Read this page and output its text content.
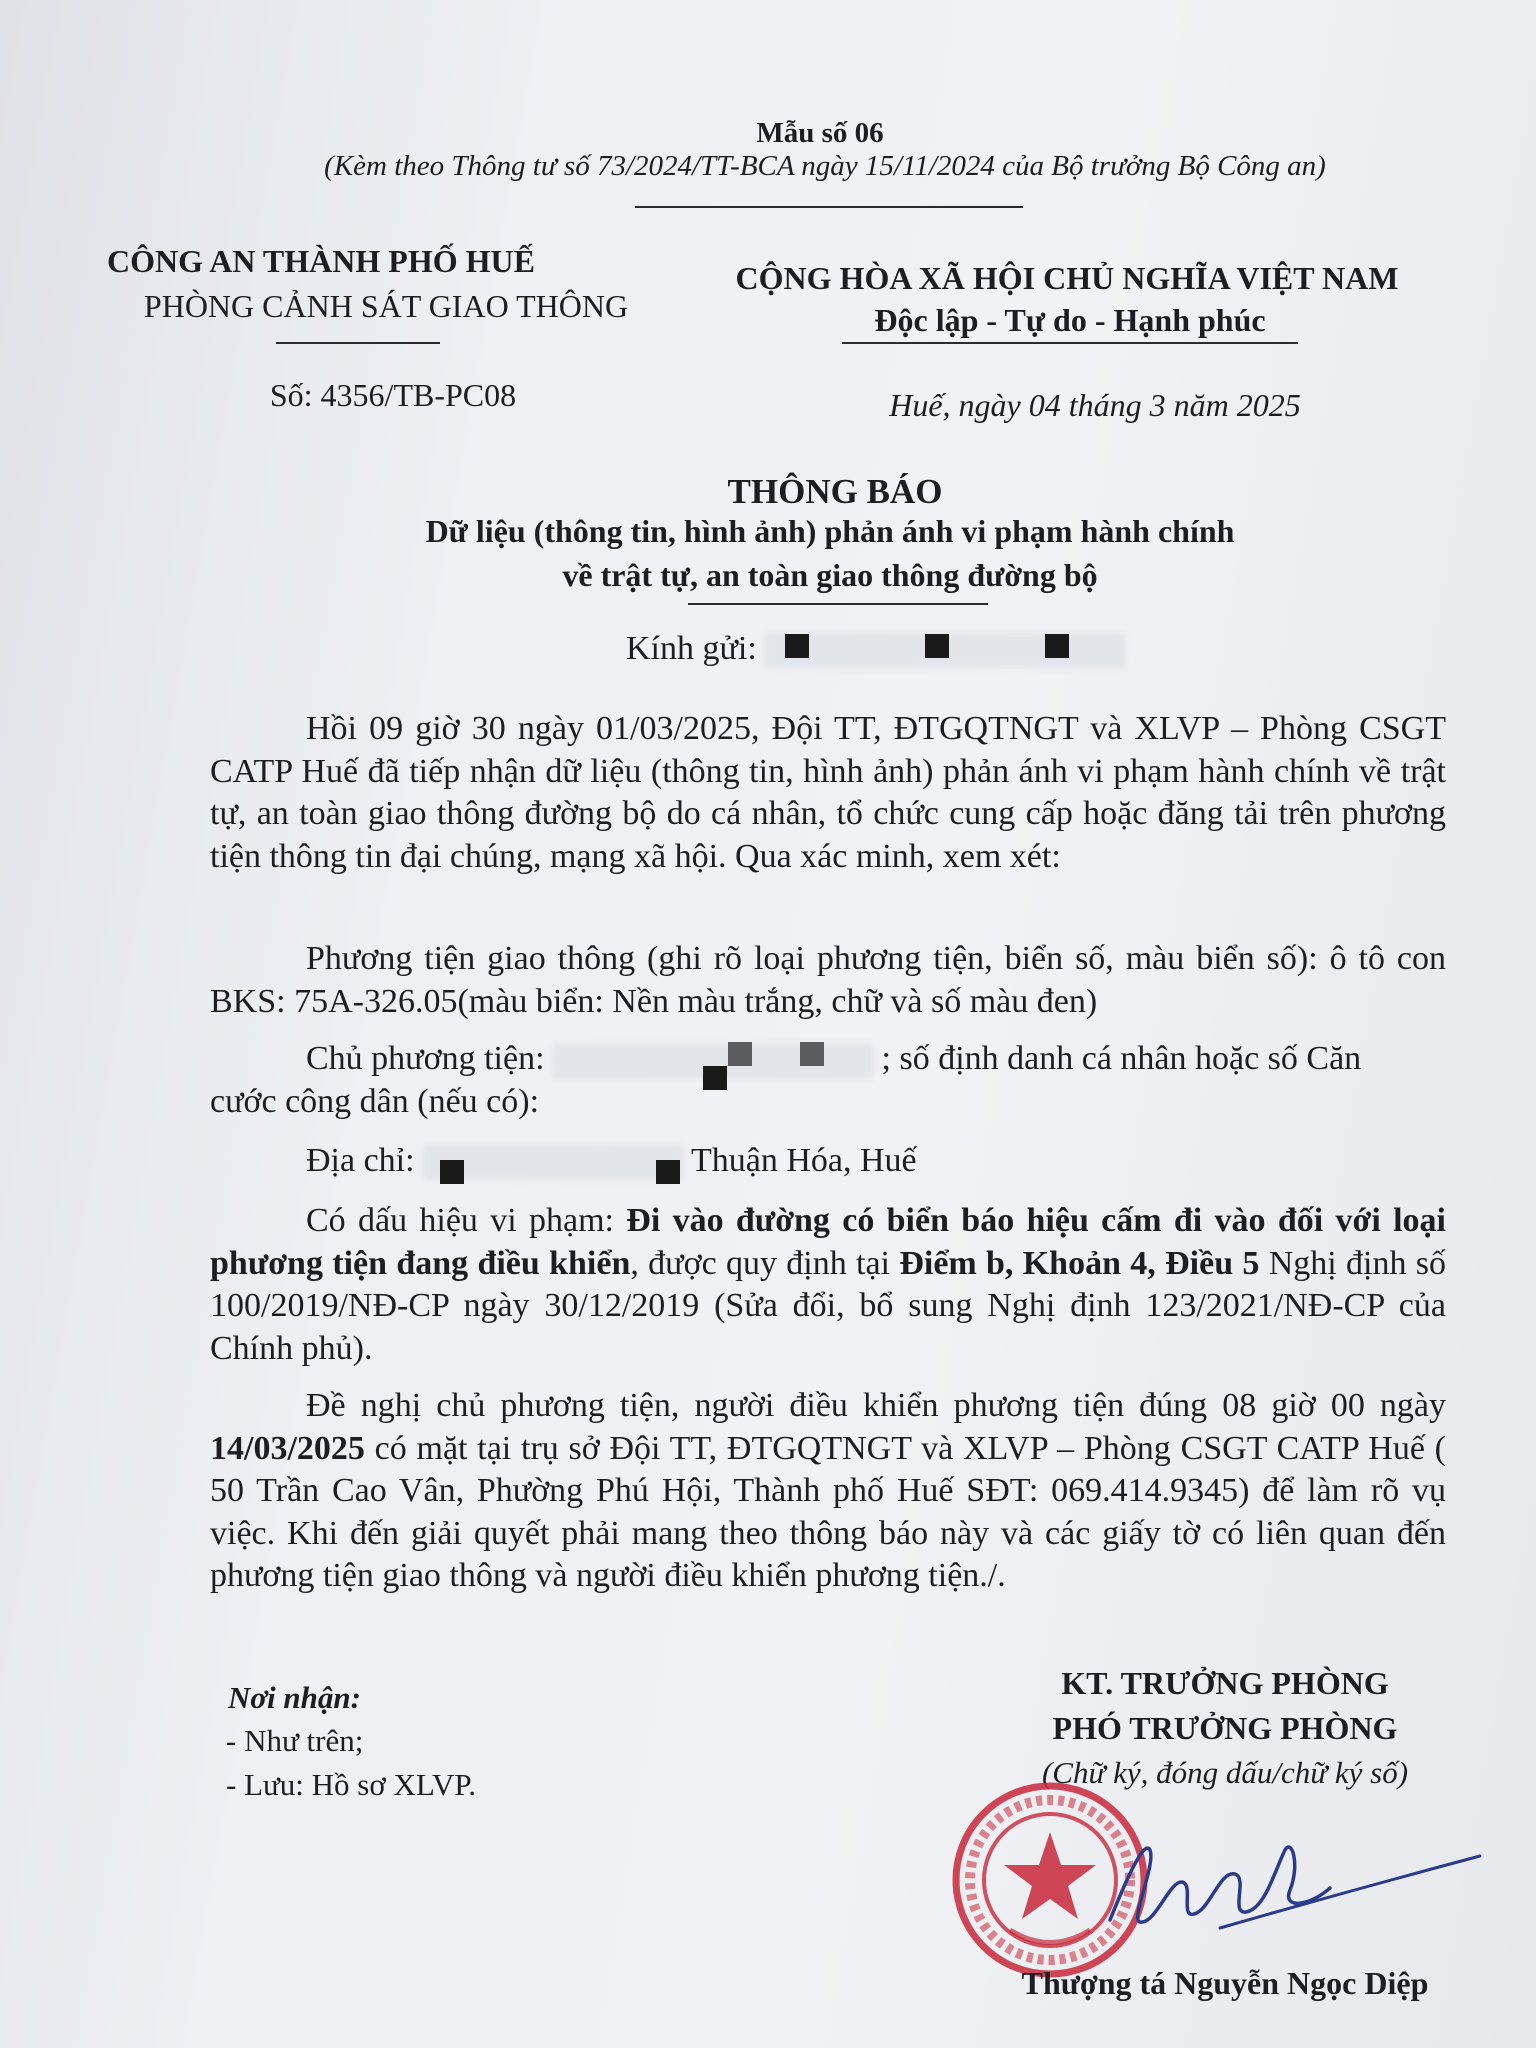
Mẫu số 06
(Kèm theo Thông tư số 73/2024/TT-BCA ngày 15/11/2024 của Bộ trưởng Bộ Công an)
CÔNG AN THÀNH PHỐ HUẾ
PHÒNG CẢNH SÁT GIAO THÔNG
Số: 4356/TB-PC08
CỘNG HÒA XÃ HỘI CHỦ NGHĨA VIỆT NAM
Độc lập - Tự do - Hạnh phúc
Huế, ngày 04 tháng 3 năm 2025
THÔNG BÁO
Dữ liệu (thông tin, hình ảnh) phản ánh vi phạm hành chính
về trật tự, an toàn giao thông đường bộ
Kính gửi:
Hồi 09 giờ 30 ngày 01/03/2025, Đội TT, ĐTGQTNGT và XLVP – Phòng CSGT CATP Huế đã tiếp nhận dữ liệu (thông tin, hình ảnh) phản ánh vi phạm hành chính về trật tự, an toàn giao thông đường bộ do cá nhân, tổ chức cung cấp hoặc đăng tải trên phương tiện thông tin đại chúng, mạng xã hội. Qua xác minh, xem xét:
Phương tiện giao thông (ghi rõ loại phương tiện, biển số, màu biển số): ô tô con BKS: 75A-326.05(màu biển: Nền màu trắng, chữ và số màu đen)
Chủ phương tiện:	; số định danh cá nhân hoặc số Căn
cước công dân (nếu có):
Địa chỉ:	Thuận Hóa, Huế
Có dấu hiệu vi phạm: Đi vào đường có biển báo hiệu cấm đi vào đối với loại phương tiện đang điều khiển, được quy định tại Điểm b, Khoản 4, Điều 5 Nghị định số 100/2019/NĐ-CP ngày 30/12/2019 (Sửa đổi, bổ sung Nghị định 123/2021/NĐ-CP của Chính phủ).
Đề nghị chủ phương tiện, người điều khiển phương tiện đúng 08 giờ 00 ngày 14/03/2025 có mặt tại trụ sở Đội TT, ĐTGQTNGT và XLVP – Phòng CSGT CATP Huế ( 50 Trần Cao Vân, Phường Phú Hội, Thành phố Huế SĐT: 069.414.9345) để làm rõ vụ việc. Khi đến giải quyết phải mang theo thông báo này và các giấy tờ có liên quan đến phương tiện giao thông và người điều khiển phương tiện./.
Nơi nhận:
- Như trên;
- Lưu: Hồ sơ XLVP.
KT. TRƯỞNG PHÒNG
PHÓ TRƯỞNG PHÒNG
(Chữ ký, đóng dấu/chữ ký số)
Thượng tá Nguyễn Ngọc Diệp
